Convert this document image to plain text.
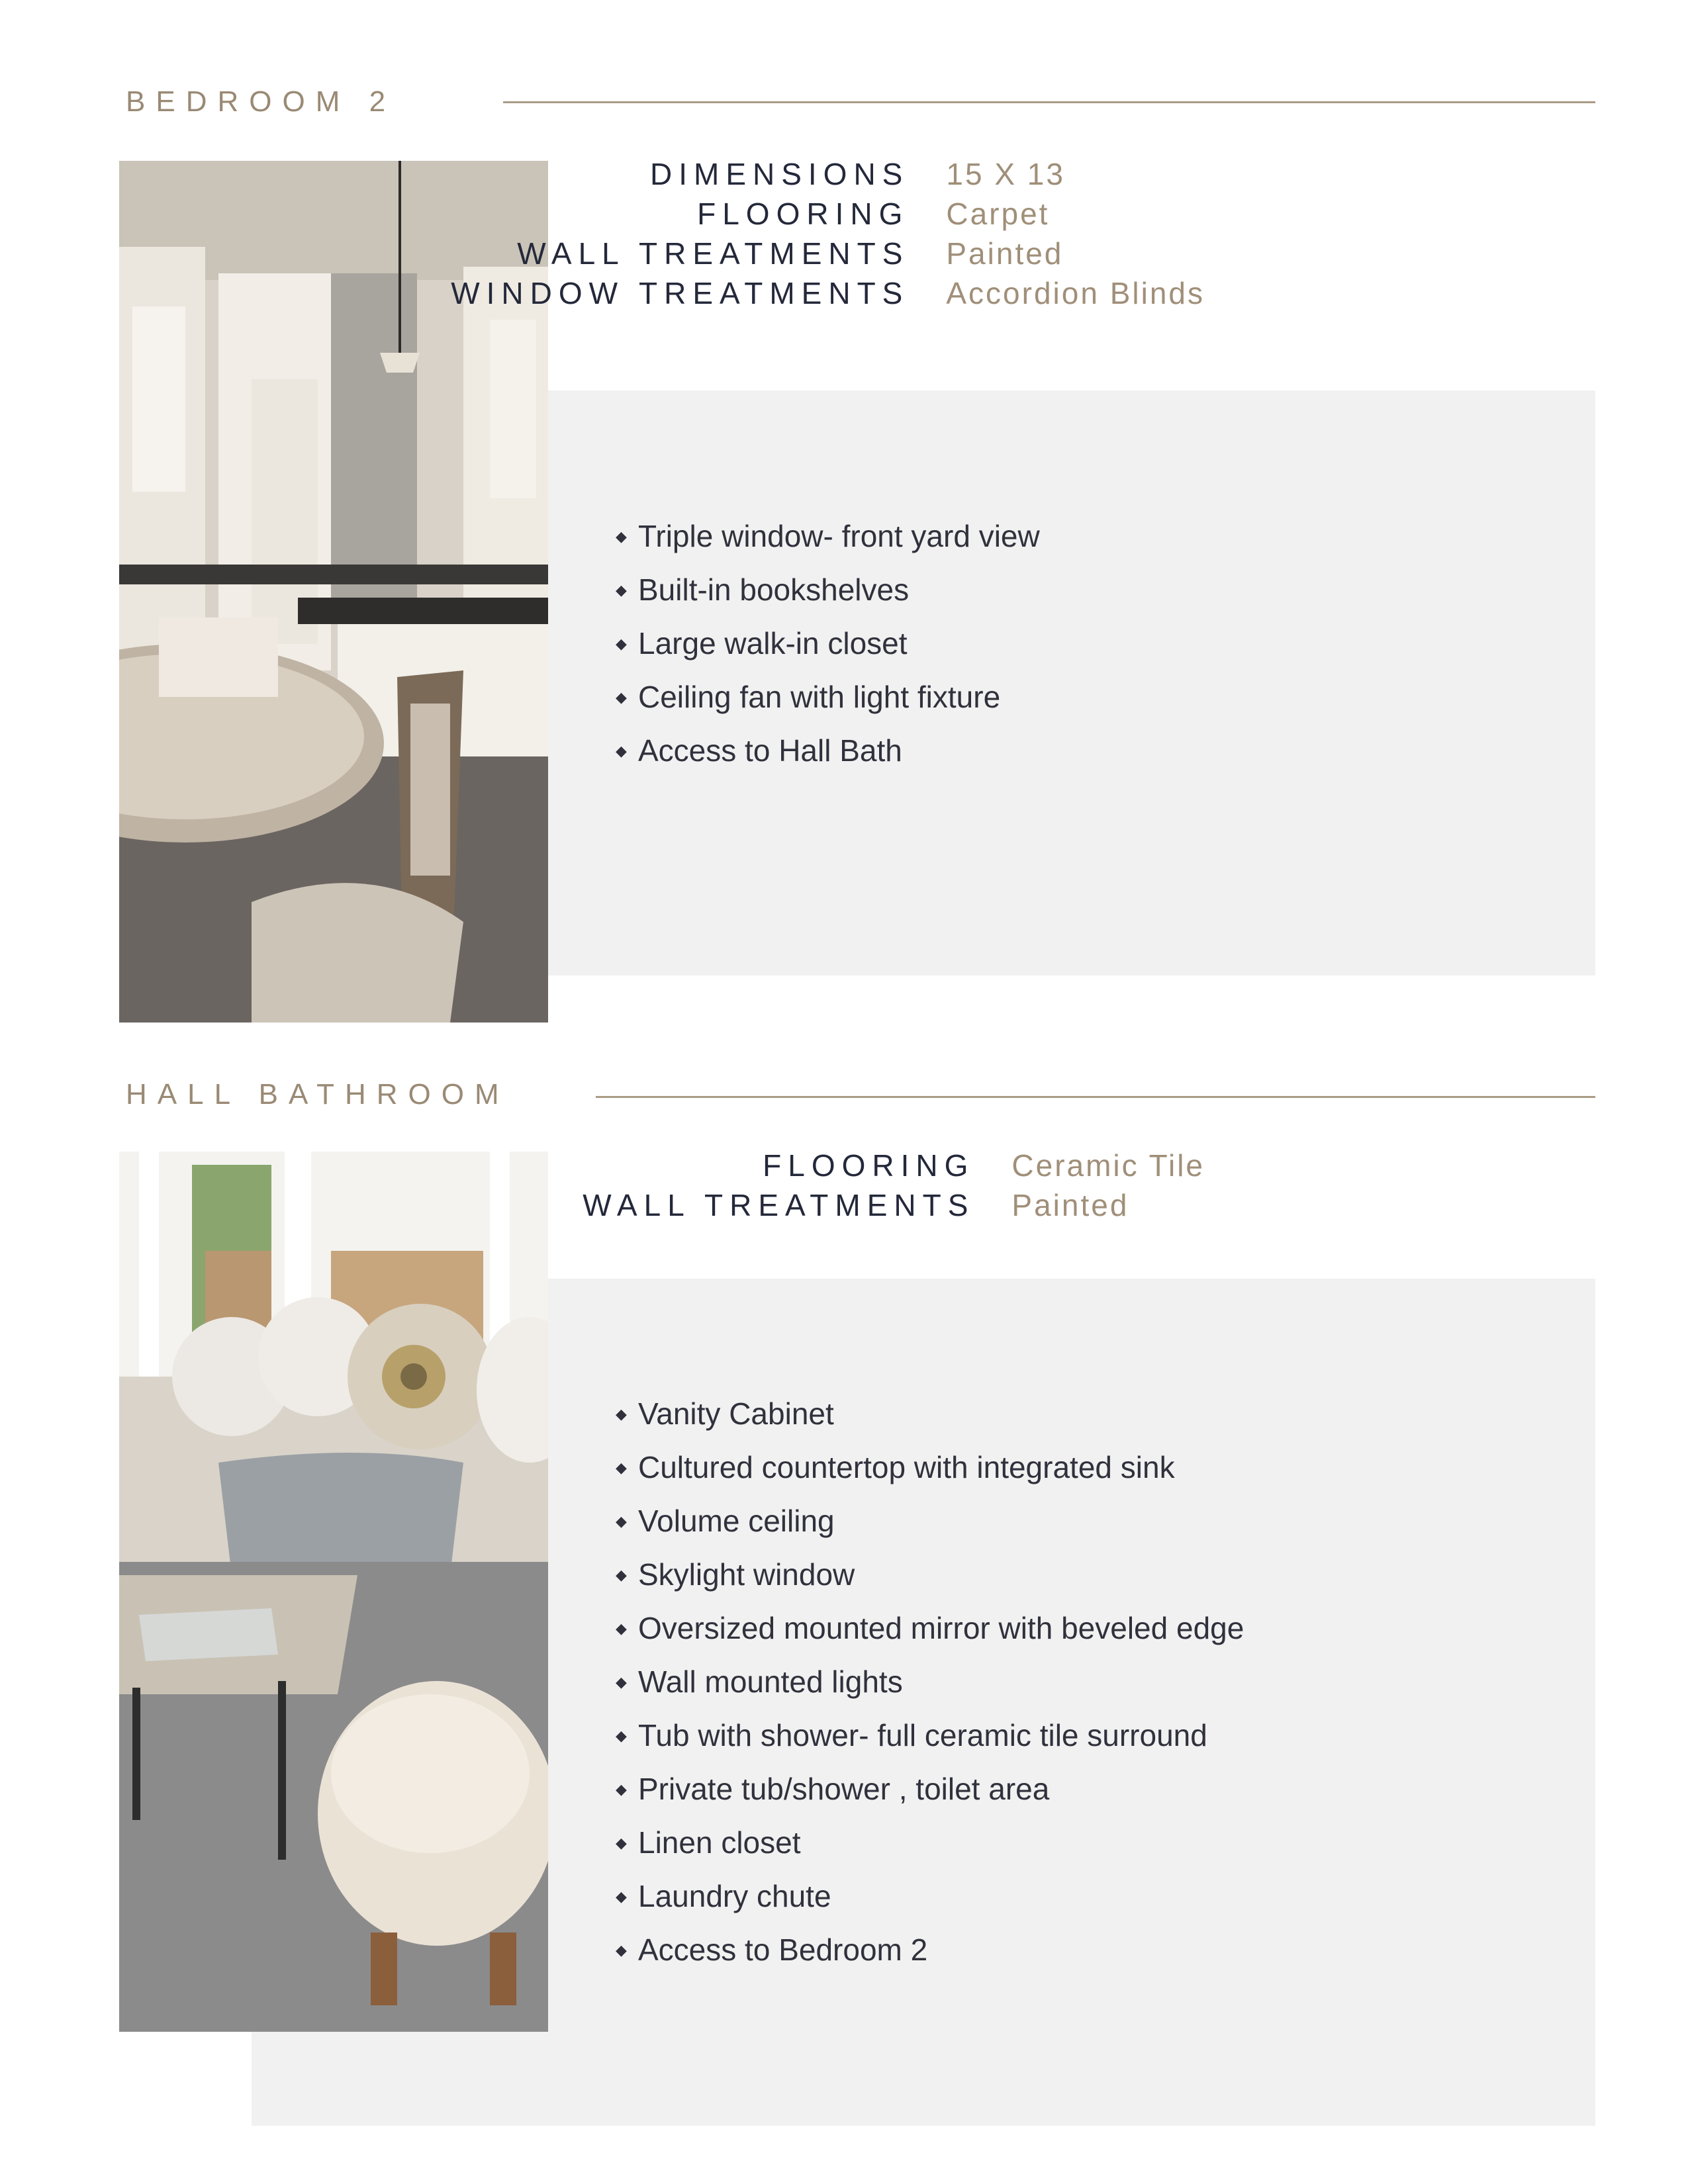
BEDROOM 2
DIMENSIONS 15 X 13
FLOORING Carpet
WALL TREATMENTS Painted
WINDOW TREATMENTS Accordion Blinds
◆ Triple window- front yard view
◆ Built-in bookshelves
◆ Large walk-in closet
◆ Ceiling fan with light fixture
◆ Access to Hall Bath
HALL BATHROOM
FLOORING Ceramic Tile
WALL TREATMENTS Painted
◆ Vanity Cabinet
◆ Cultured countertop with integrated sink
◆ Volume ceiling
◆ Skylight window
◆ Oversized mounted mirror with beveled edge
◆ Wall mounted lights
◆ Tub with shower- full ceramic tile surround
◆ Private tub/shower , toilet area
◆ Linen closet
◆ Laundry chute
◆ Access to Bedroom 2
